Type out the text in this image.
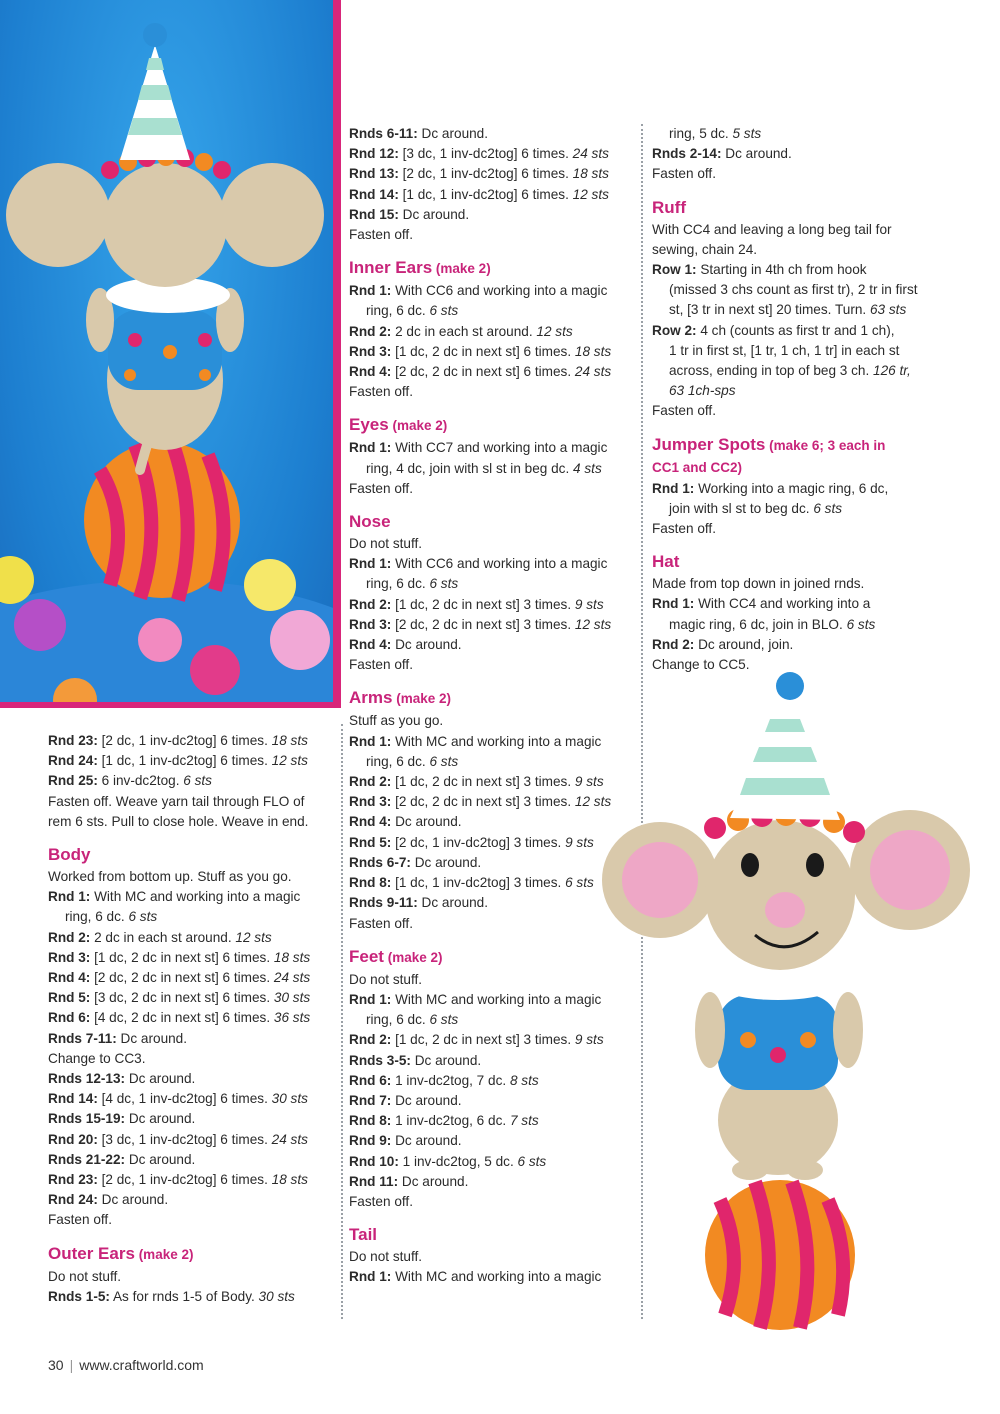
Rnd 23: [2 dc, 1 inv-dc2tog] 6 times. 18 sts
Rnd 24: [1 dc, 1 inv-dc2tog] 6 times. 12 sts
Rnd 25: 6 inv-dc2tog. 6 sts
Fasten off. Weave yarn tail through FLO of
rem 6 sts. Pull to close hole. Weave in end.
Body
Worked from bottom up. Stuff as you go.
Rnd 1: With MC and working into a magic
ring, 6 dc. 6 sts
Rnd 2: 2 dc in each st around. 12 sts
Rnd 3: [1 dc, 2 dc in next st] 6 times. 18 sts
Rnd 4: [2 dc, 2 dc in next st] 6 times. 24 sts
Rnd 5: [3 dc, 2 dc in next st] 6 times. 30 sts
Rnd 6: [4 dc, 2 dc in next st] 6 times. 36 sts
Rnds 7-11: Dc around.
Change to CC3.
Rnds 12-13: Dc around.
Rnd 14: [4 dc, 1 inv-dc2tog] 6 times. 30 sts
Rnds 15-19: Dc around.
Rnd 20: [3 dc, 1 inv-dc2tog] 6 times. 24 sts
Rnds 21-22: Dc around.
Rnd 23: [2 dc, 1 inv-dc2tog] 6 times. 18 sts
Rnd 24: Dc around.
Fasten off.
Outer Ears (make 2)
Do not stuff.
Rnds 1-5: As for rnds 1-5 of Body. 30 sts
Rnds 6-11: Dc around.
Rnd 12: [3 dc, 1 inv-dc2tog] 6 times. 24 sts
Rnd 13: [2 dc, 1 inv-dc2tog] 6 times. 18 sts
Rnd 14: [1 dc, 1 inv-dc2tog] 6 times. 12 sts
Rnd 15: Dc around.
Fasten off.
Inner Ears (make 2)
Rnd 1: With CC6 and working into a magic
ring, 6 dc. 6 sts
Rnd 2: 2 dc in each st around. 12 sts
Rnd 3: [1 dc, 2 dc in next st] 6 times. 18 sts
Rnd 4: [2 dc, 2 dc in next st] 6 times. 24 sts
Fasten off.
Eyes (make 2)
Rnd 1: With CC7 and working into a magic
ring, 4 dc, join with sl st in beg dc. 4 sts
Fasten off.
Nose
Do not stuff.
Rnd 1: With CC6 and working into a magic
ring, 6 dc. 6 sts
Rnd 2: [1 dc, 2 dc in next st] 3 times. 9 sts
Rnd 3: [2 dc, 2 dc in next st] 3 times. 12 sts
Rnd 4: Dc around.
Fasten off.
Arms (make 2)
Stuff as you go.
Rnd 1: With MC and working into a magic
ring, 6 dc. 6 sts
Rnd 2: [1 dc, 2 dc in next st] 3 times. 9 sts
Rnd 3: [2 dc, 2 dc in next st] 3 times. 12 sts
Rnd 4: Dc around.
Rnd 5: [2 dc, 1 inv-dc2tog] 3 times. 9 sts
Rnds 6-7: Dc around.
Rnd 8: [1 dc, 1 inv-dc2tog] 3 times. 6 sts
Rnds 9-11: Dc around.
Fasten off.
Feet (make 2)
Do not stuff.
Rnd 1: With MC and working into a magic
ring, 6 dc. 6 sts
Rnd 2: [1 dc, 2 dc in next st] 3 times. 9 sts
Rnds 3-5: Dc around.
Rnd 6: 1 inv-dc2tog, 7 dc. 8 sts
Rnd 7: Dc around.
Rnd 8: 1 inv-dc2tog, 6 dc. 7 sts
Rnd 9: Dc around.
Rnd 10: 1 inv-dc2tog, 5 dc. 6 sts
Rnd 11: Dc around.
Fasten off.
Tail
Do not stuff.
Rnd 1: With MC and working into a magic
ring, 5 dc. 5 sts
Rnds 2-14: Dc around.
Fasten off.
Ruff
With CC4 and leaving a long beg tail for
sewing, chain 24.
Row 1: Starting in 4th ch from hook
(missed 3 chs count as first tr), 2 tr in first
st, [3 tr in next st] 20 times. Turn. 63 sts
Row 2: 4 ch (counts as first tr and 1 ch),
1 tr in first st, [1 tr, 1 ch, 1 tr] in each st
across, ending in top of beg 3 ch. 126 tr,
63 1ch-sps
Fasten off.
Jumper Spots (make 6; 3 each in
CC1 and CC2)
Rnd 1: Working into a magic ring, 6 dc,
join with sl st to beg dc. 6 sts
Fasten off.
Hat
Made from top down in joined rnds.
Rnd 1: With CC4 and working into a
magic ring, 6 dc, join in BLO. 6 sts
Rnd 2: Dc around, join.
Change to CC5.
30 | www.craftworld.com
